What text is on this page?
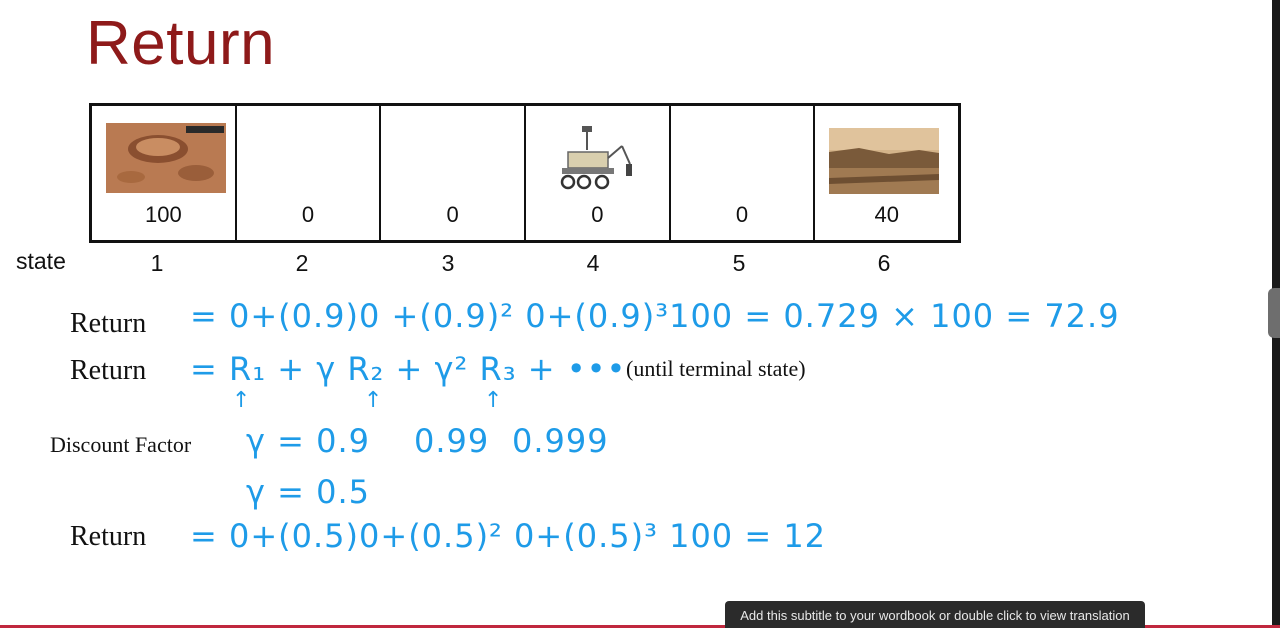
Return
100	0	0	0	0	40
state	1	2	3	4	5	6
Return = 0+(0.9)0 +(0.9)² 0+(0.9)³100 = 0.729 × 100 = 72.9
Return = R₁ + γ R₂ + γ² R₃ + ••• (until terminal state)
↑	↑	↑
Discount Factor γ = 0.9 0.99 0.999
γ = 0.5
Return = 0+(0.5)0+(0.5)² 0+(0.5)³ 100 = 12
Add this subtitle to your wordbook or double click to view translation
